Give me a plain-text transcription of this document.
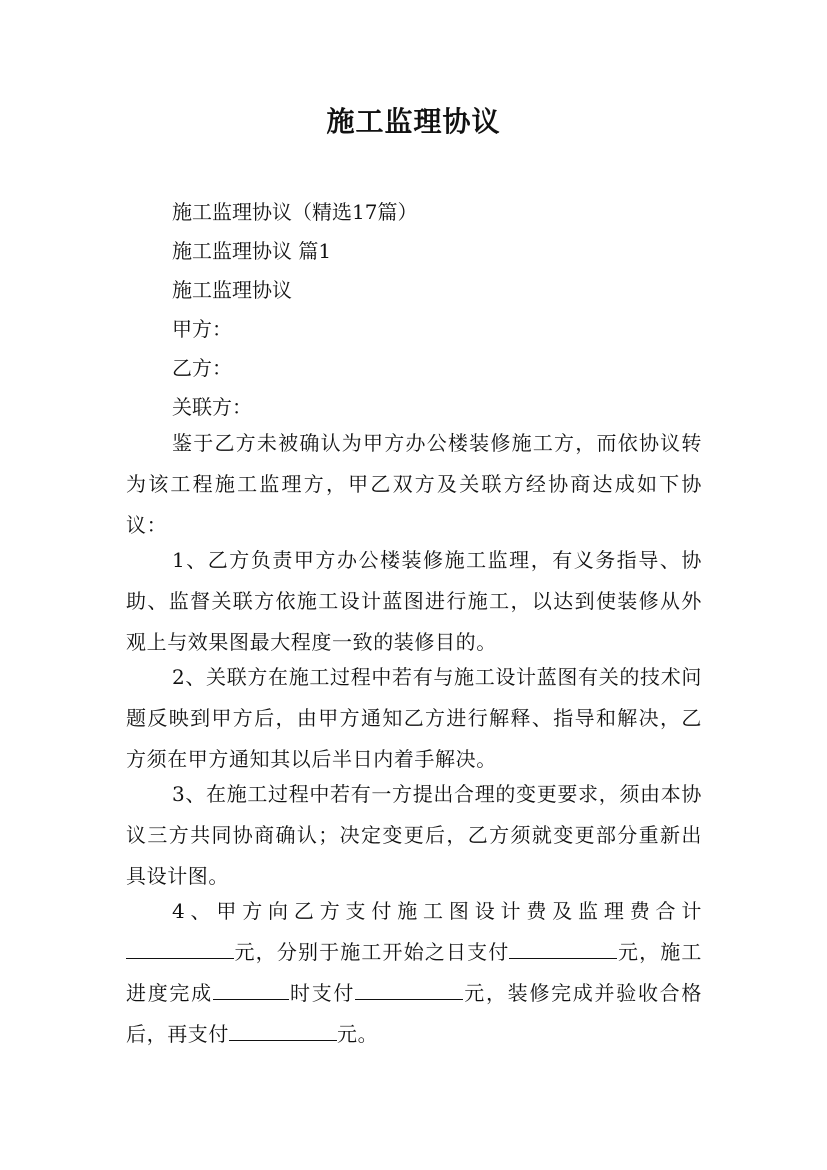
施工监理协议

施工监理协议（精选17篇）

施工监理协议 篇1

施工监理协议

甲方：

乙方：

关联方：

鉴于乙方未被确认为甲方办公楼装修施工方，而依协议转为该工程施工监理方，甲乙双方及关联方经协商达成如下协议：

1、乙方负责甲方办公楼装修施工监理，有义务指导、协助、监督关联方依施工设计蓝图进行施工，以达到使装修从外观上与效果图最大程度一致的装修目的。

2、关联方在施工过程中若有与施工设计蓝图有关的技术问题反映到甲方后，由甲方通知乙方进行解释、指导和解决，乙方须在甲方通知其以后半日内着手解决。

3、在施工过程中若有一方提出合理的变更要求，须由本协议三方共同协商确认；决定变更后，乙方须就变更部分重新出具设计图。

4、甲方向乙方支付施工图设计费及监理费合计元，分别于施工开始之日支付	元，施工进度完成	时支付	元，装修完成并验收合格后，再支付	元。
